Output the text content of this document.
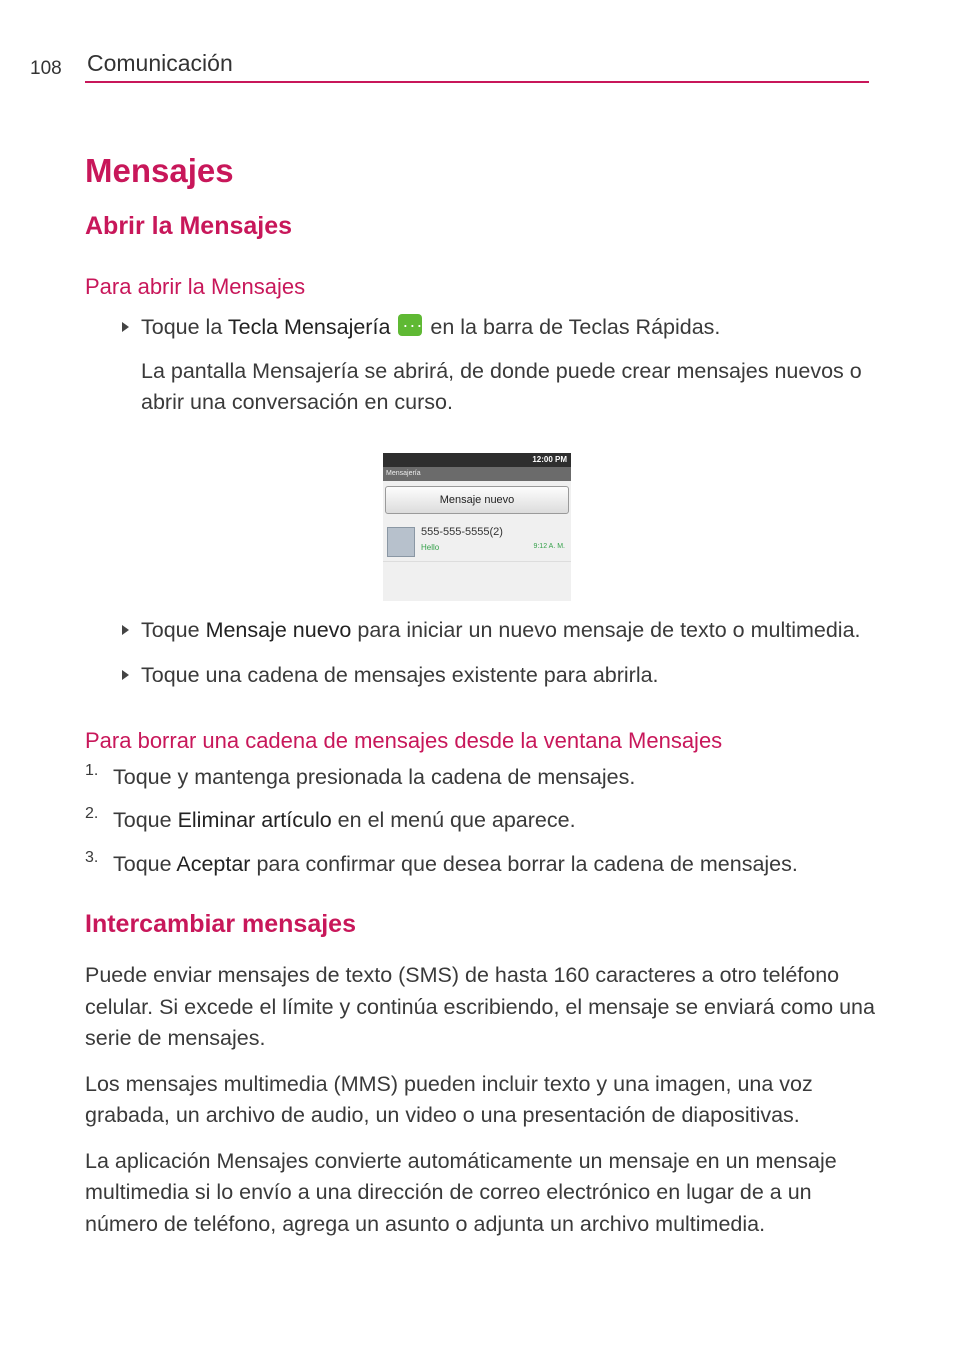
108 Comunicación
Mensajes
Abrir la Mensajes
Para abrir la Mensajes

Toque la Tecla Mensajería ··· en la barra de Teclas Rápidas.

La pantalla Mensajería se abrirá, de donde puede crear mensajes nuevos o abrir una conversación en curso.

12:00 PM
Mensajería
Mensaje nuevo
555-555-5555(2)
Hello	9:12 A. M.

Toque Mensaje nuevo para iniciar un nuevo mensaje de texto o multimedia.

Toque una cadena de mensajes existente para abrirla.

Para borrar una cadena de mensajes desde la ventana Mensajes
1. Toque y mantenga presionada la cadena de mensajes.

2. Toque Eliminar artículo en el menú que aparece.

3. Toque Aceptar para confirmar que desea borrar la cadena de mensajes.

Intercambiar mensajes

Puede enviar mensajes de texto (SMS) de hasta 160 caracteres a otro teléfono celular. Si excede el límite y continúa escribiendo, el mensaje se enviará como una serie de mensajes.

Los mensajes multimedia (MMS) pueden incluir texto y una imagen, una voz grabada, un archivo de audio, un video o una presentación de diapositivas.

La aplicación Mensajes convierte automáticamente un mensaje en un mensaje multimedia si lo envío a una dirección de correo electrónico en lugar de a un número de teléfono, agrega un asunto o adjunta un archivo multimedia.
